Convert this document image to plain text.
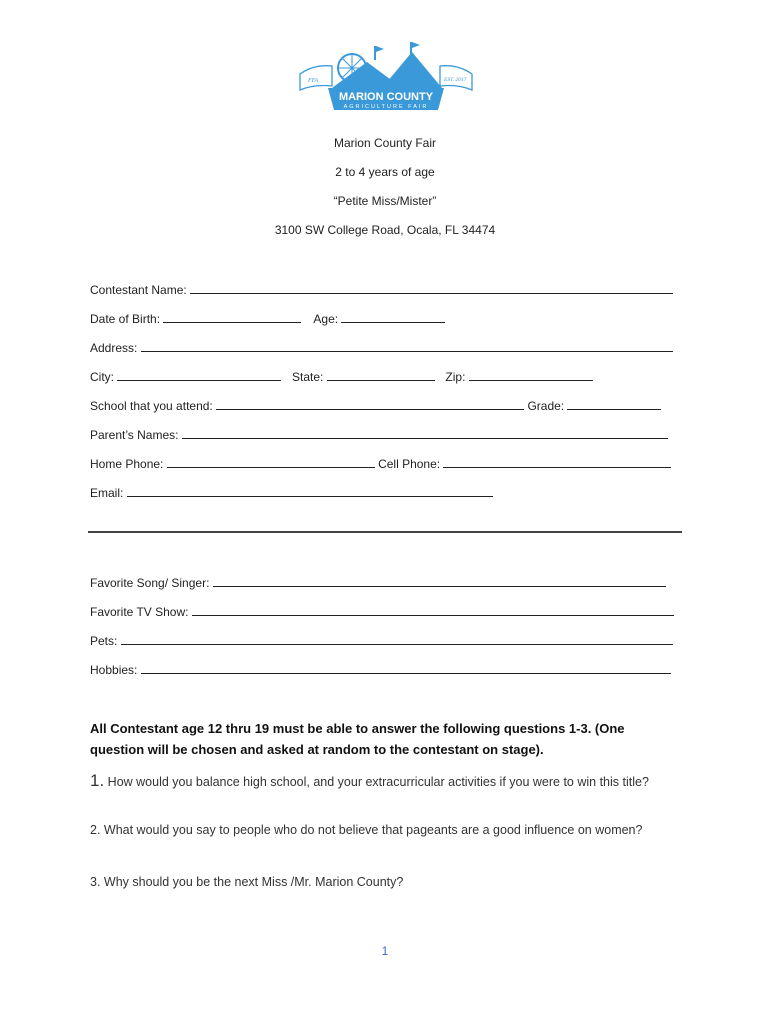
FFA	EST. 2017
MARION COUNTY
AGRICULTURE FAIR
Marion County Fair
2 to 4 years of age
“Petite Miss/Mister”
3100 SW College Road, Ocala, FL 34474
Contestant Name:
Date of Birth:	Age:
Address:
City:	State:	Zip:
School that you attend:	Grade:
Parent’s Names:
Home Phone:	Cell Phone:
Email:
Favorite Song/ Singer:
Favorite TV Show:
Pets:
Hobbies:
All Contestant age 12 thru 19 must be able to answer the following questions 1-3. (One question will be chosen and asked at random to the contestant on stage).
1. How would you balance high school, and your extracurricular activities if you were to win this title?
2. What would you say to people who do not believe that pageants are a good influence on women?
3. Why should you be the next Miss /Mr. Marion County?
1
